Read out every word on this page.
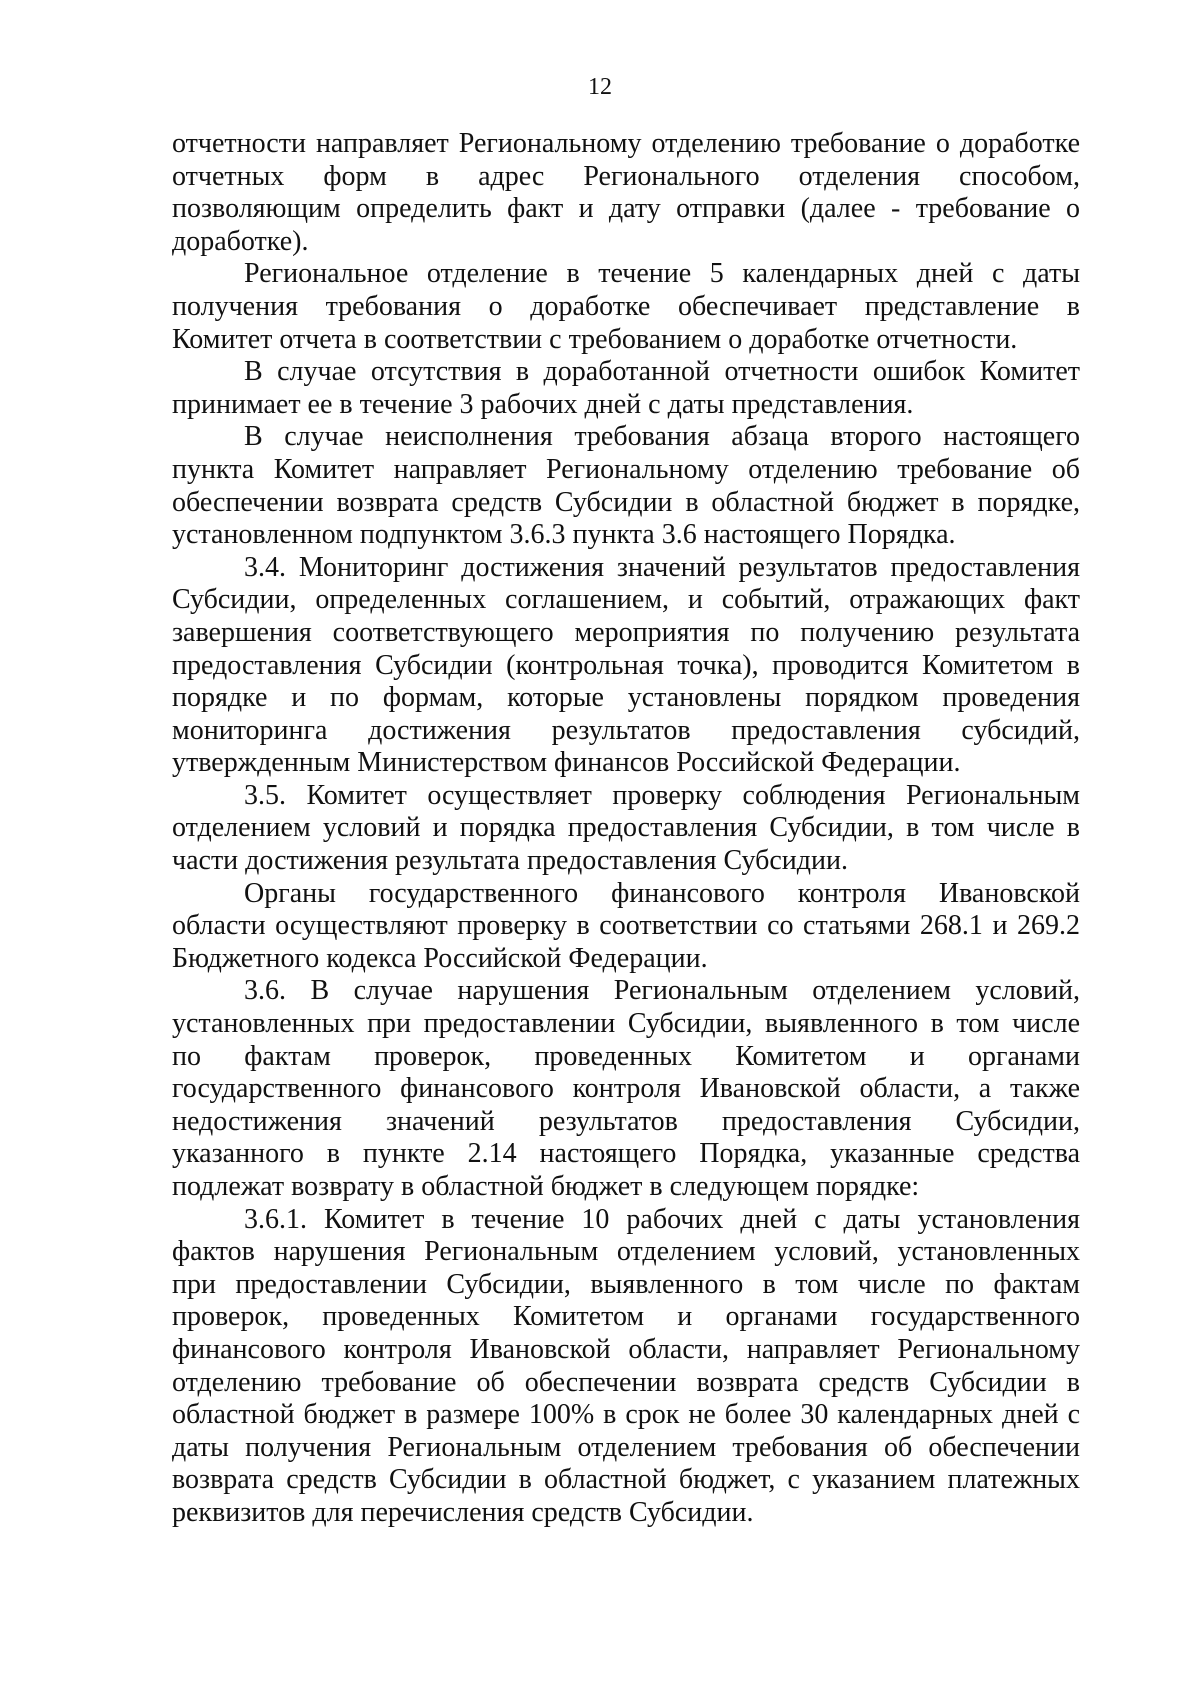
12
отчетности направляет Региональному отделению требование о доработке
отчетных форм в адрес Регионального отделения способом,
позволяющим определить факт и дату отправки (далее - требование о
доработке).
Региональное отделение в течение 5 календарных дней с даты
получения требования о доработке обеспечивает представление в
Комитет отчета в соответствии с требованием о доработке отчетности.
В случае отсутствия в доработанной отчетности ошибок Комитет
принимает ее в течение 3 рабочих дней с даты представления.
В случае неисполнения требования абзаца второго настоящего
пункта Комитет направляет Региональному отделению требование об
обеспечении возврата средств Субсидии в областной бюджет в порядке,
установленном подпунктом 3.6.3 пункта 3.6 настоящего Порядка.
3.4. Мониторинг достижения значений результатов предоставления
Субсидии, определенных соглашением, и событий, отражающих факт
завершения соответствующего мероприятия по получению результата
предоставления Субсидии (контрольная точка), проводится Комитетом в
порядке и по формам, которые установлены порядком проведения
мониторинга достижения результатов предоставления субсидий,
утвержденным Министерством финансов Российской Федерации.
3.5. Комитет осуществляет проверку соблюдения Региональным
отделением условий и порядка предоставления Субсидии, в том числе в
части достижения результата предоставления Субсидии.
Органы государственного финансового контроля Ивановской
области осуществляют проверку в соответствии со статьями 268.1 и 269.2
Бюджетного кодекса Российской Федерации.
3.6. В случае нарушения Региональным отделением условий,
установленных при предоставлении Субсидии, выявленного в том числе
по фактам проверок, проведенных Комитетом и органами
государственного финансового контроля Ивановской области, а также
недостижения значений результатов предоставления Субсидии,
указанного в пункте 2.14 настоящего Порядка, указанные средства
подлежат возврату в областной бюджет в следующем порядке:
3.6.1. Комитет в течение 10 рабочих дней с даты установления
фактов нарушения Региональным отделением условий, установленных
при предоставлении Субсидии, выявленного в том числе по фактам
проверок, проведенных Комитетом и органами государственного
финансового контроля Ивановской области, направляет Региональному
отделению требование об обеспечении возврата средств Субсидии в
областной бюджет в размере 100% в срок не более 30 календарных дней с
даты получения Региональным отделением требования об обеспечении
возврата средств Субсидии в областной бюджет, с указанием платежных
реквизитов для перечисления средств Субсидии.
